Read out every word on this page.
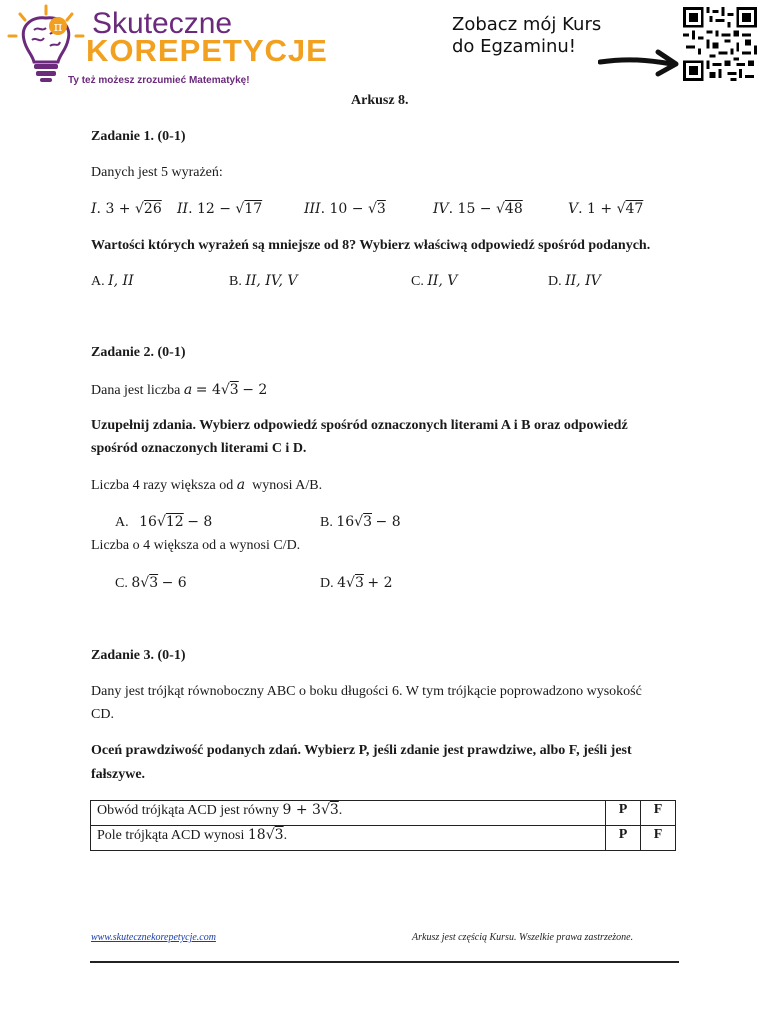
π Skuteczne
KOREPETYCJE
Ty też możesz zrozumieć Matematykę!
Zobacz mój Kurs
do Egzaminu!
Arkusz 8.
Zadanie 1. (0-1)
Danych jest 5 wyrażeń:
I. 3 + √26 II. 12 − √17	III. 10 − √3	IV. 15 − √48	V. 1 + √47
Wartości których wyrażeń są mniejsze od 8? Wybierz właściwą odpowiedź spośród podanych.
A. I, II	B. II, IV, V	C. II, V	D. II, IV
Zadanie 2. (0-1)
Dana jest liczba a = 4√3 − 2
Uzupełnij zdania. Wybierz odpowiedź spośród oznaczonych literami A i B oraz odpowiedź
spośród oznaczonych literami C i D.
Liczba 4 razy większa od a wynosi A/B.
A. 16√12 − 8	B. 16√3 − 8
Liczba o 4 większa od a wynosi C/D.
C. 8√3 − 6	D. 4√3 + 2
Zadanie 3. (0-1)
Dany jest trójkąt równoboczny ABC o boku długości 6. W tym trójkącie poprowadzono wysokość
CD.
Oceń prawdziwość podanych zdań. Wybierz P, jeśli zdanie jest prawdziwe, albo F, jeśli jest
fałszywe.
Obwód trójkąta ACD jest równy 9 + 3√3.	P	F
Pole trójkąta ACD wynosi 18√3.	P	F
www.skutecznekorepetycje.com	Arkusz jest częścią Kursu. Wszelkie prawa zastrzeżone.
